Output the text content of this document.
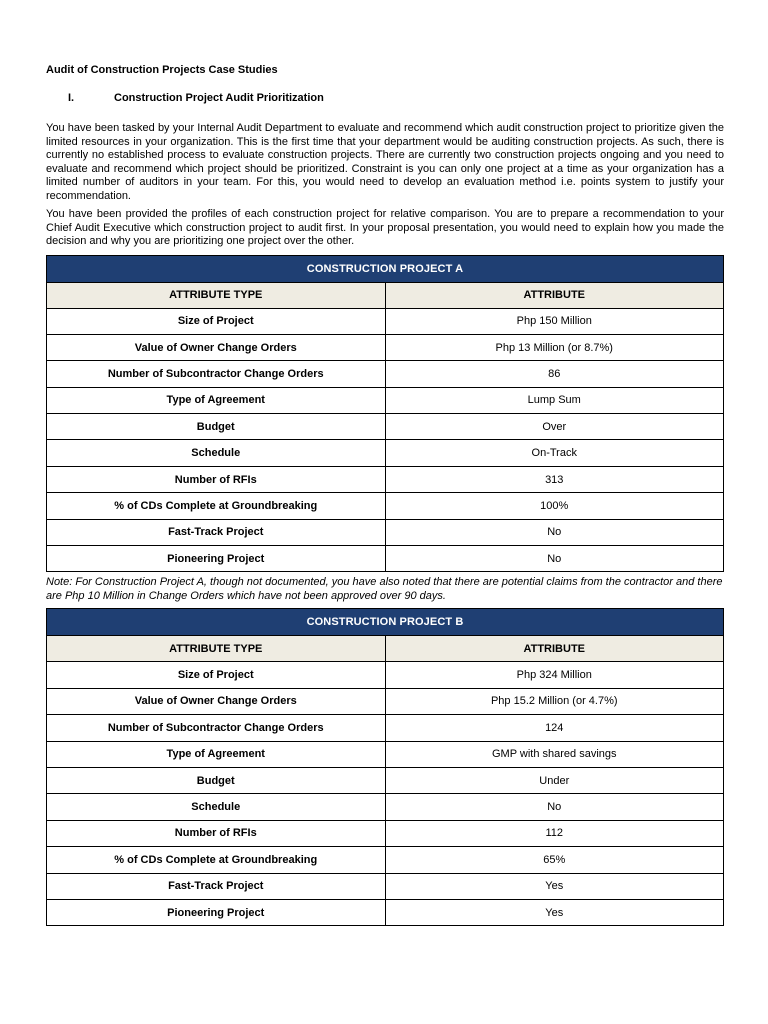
Audit of Construction Projects Case Studies

I.	Construction Project Audit Prioritization

You have been tasked by your Internal Audit Department to evaluate and recommend which audit construction project to prioritize given the limited resources in your organization. This is the first time that your department would be auditing construction projects. As such, there is currently no established process to evaluate construction projects. There are currently two construction projects ongoing and you need to evaluate and recommend which project should be prioritized. Constraint is you can only one project at a time as your organization has a limited number of auditors in your team. For this, you would need to develop an evaluation method i.e. points system to justify your recommendation.

You have been provided the profiles of each construction project for relative comparison. You are to prepare a recommendation to your Chief Audit Executive which construction project to audit first. In your proposal presentation, you would need to explain how you made the decision and why you are prioritizing one project over the other.

CONSTRUCTION PROJECT A	
ATTRIBUTE TYPE	ATTRIBUTE
Size of Project	Php 150 Million
Value of Owner Change Orders	Php 13 Million (or 8.7%)
Number of Subcontractor Change Orders	86
Type of Agreement	Lump Sum
Budget	Over
Schedule	On-Track
Number of RFIs	313
% of CDs Complete at Groundbreaking	100%
Fast-Track Project	No
Pioneering Project	No

Note: For Construction Project A, though not documented, you have also noted that there are potential claims from the contractor and there are Php 10 Million in Change Orders which have not been approved over 90 days.

CONSTRUCTION PROJECT B	
ATTRIBUTE TYPE	ATTRIBUTE
Size of Project	Php 324 Million
Value of Owner Change Orders	Php 15.2 Million (or 4.7%)
Number of Subcontractor Change Orders	124
Type of Agreement	GMP with shared savings
Budget	Under
Schedule	No
Number of RFIs	112
% of CDs Complete at Groundbreaking	65%
Fast-Track Project	Yes
Pioneering Project	Yes
